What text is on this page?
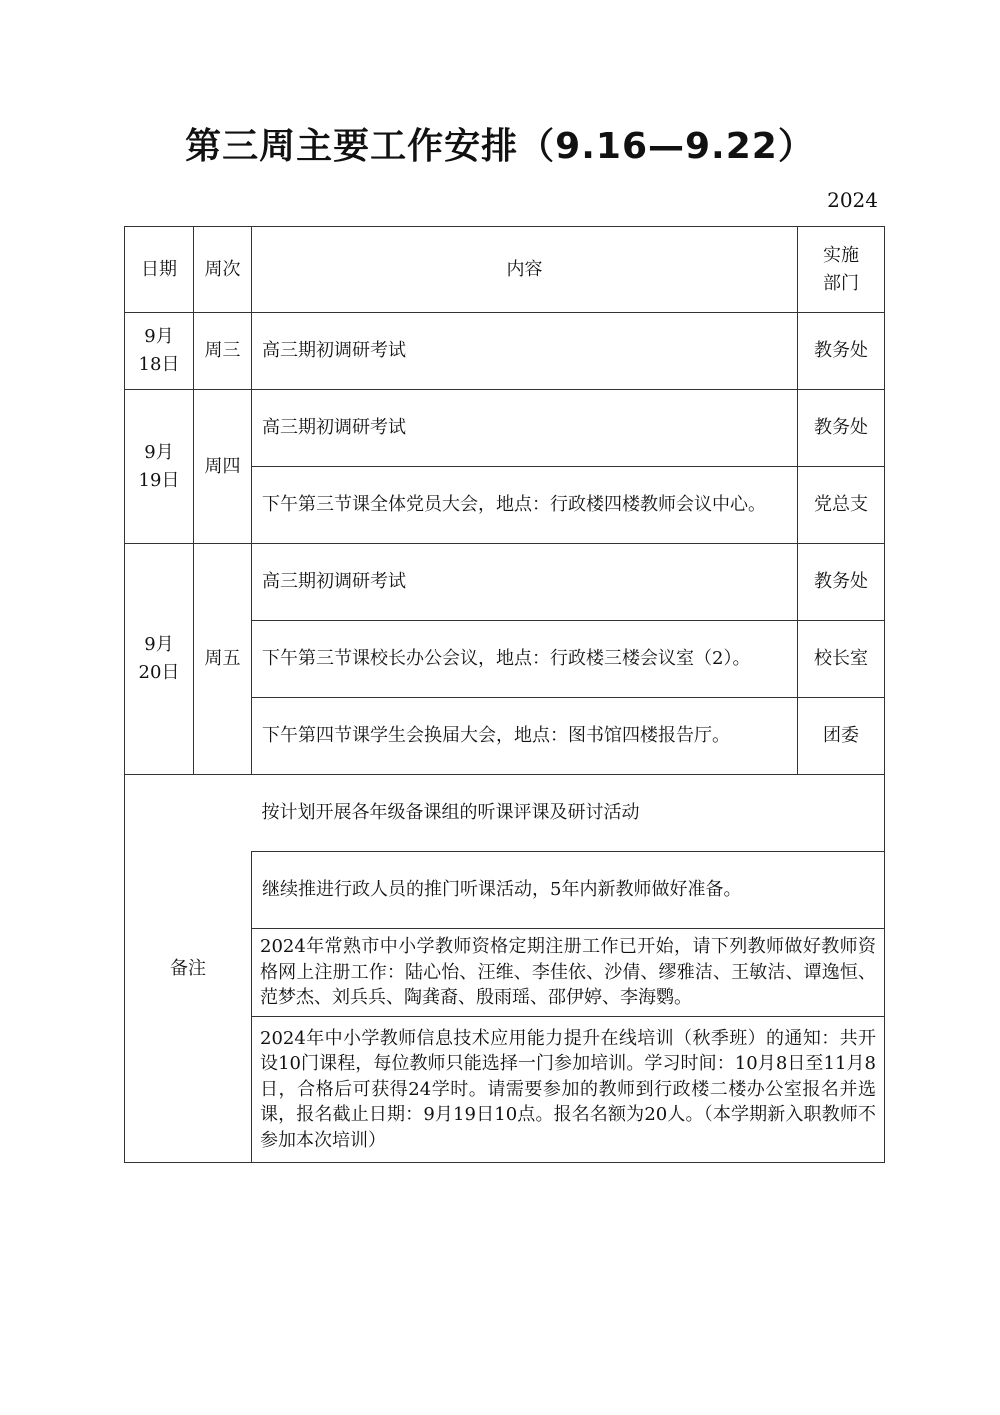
第三周主要工作安排（9.16—9.22）
2024
日期	周次	内容	实施
部门

9月
18日	周三	高三期初调研考试	教务处

9月
19日	周四	高三期初调研考试	教务处
		下午第三节课全体党员大会，地点：行政楼四楼教师会议中心。	党总支

9月
20日	周五	高三期初调研考试	教务处
		下午第三节课校长办公会议，地点：行政楼三楼会议室（2）。	校长室
		下午第四节课学生会换届大会，地点：图书馆四楼报告厅。	团委
备注		按计划开展各年级备课组的听课评课及研讨活动	
		继续推进行政人员的推门听课活动，5年内新教师做好准备。	
		2024年常熟市中小学教师资格定期注册工作已开始，请下列教师做好教师资格网上注册工作：陆心怡、汪维、李佳依、沙倩、缪雅洁、王敏洁、谭逸恒、范梦杰、刘兵兵、陶龚裔、殷雨瑶、邵伊婷、李海鹦。	
		2024年中小学教师信息技术应用能力提升在线培训（秋季班）的通知：共开设10门课程，每位教师只能选择一门参加培训。学习时间：10月8日至11月8日，合格后可获得24学时。请需要参加的教师到行政楼二楼办公室报名并选课，报名截止日期：9月19日10点。报名名额为20人。（本学期新入职教师不参加本次培训）	
